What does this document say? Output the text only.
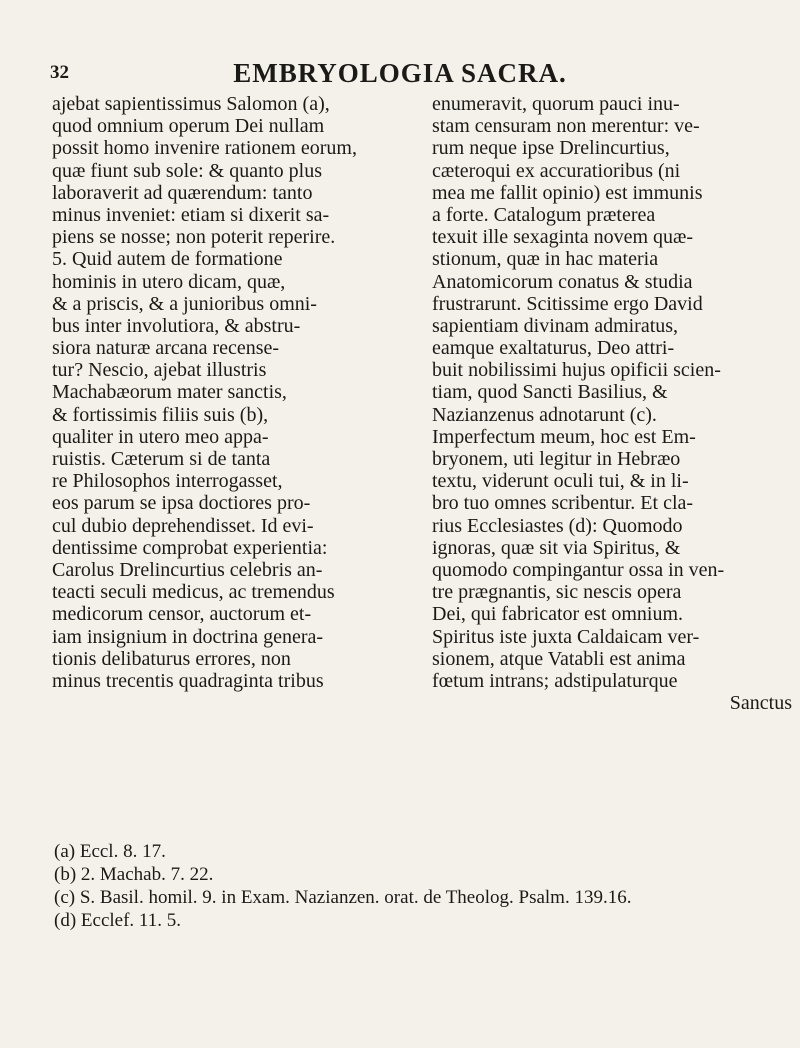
32	EMBRYOLOGIA SACRA.
ajebat sapientissimus Salomon (a),
quod omnium operum Dei nullam
possit homo invenire rationem eorum,
quæ fiunt sub sole: & quanto plus
laboraverit ad quærendum: tanto
minus inveniet: etiam si dixerit sa-
piens se nosse; non poterit reperire.
5. Quid autem de formatione
hominis in utero dicam, quæ,
& a priscis, & a junioribus omni-
bus inter involutiora, & abstru-
siora naturæ arcana recense-
tur? Nescio, ajebat illustris
Machabæorum mater sanctis,
& fortissimis filiis suis (b),
qualiter in utero meo appa-
ruistis. Cæterum si de tanta
re Philosophos interrogasset,
eos parum se ipsa doctiores pro-
cul dubio deprehendisset. Id evi-
dentissime comprobat experientia:
Carolus Drelincurtius celebris an-
teacti seculi medicus, ac tremendus
medicorum censor, auctorum et-
iam insignium in doctrina genera-
tionis delibaturus errores, non
minus trecentis quadraginta tribus
enumeravit, quorum pauci inu-
stam censuram non merentur: ve-
rum neque ipse Drelincurtius,
cæteroqui ex accuratioribus (ni
mea me fallit opinio) est immunis
a forte. Catalogum præterea
texuit ille sexaginta novem quæ-
stionum, quæ in hac materia
Anatomicorum conatus & studia
frustrarunt. Scitissime ergo David
sapientiam divinam admiratus,
eamque exaltaturus, Deo attri-
buit nobilissimi hujus opificii scien-
tiam, quod Sancti Basilius, &
Nazianzenus adnotarunt (c).
Imperfectum meum, hoc est Em-
bryonem, uti legitur in Hebræo
textu, viderunt oculi tui, & in li-
bro tuo omnes scribentur. Et cla-
rius Ecclesiastes (d): Quomodo
ignoras, quæ sit via Spiritus, &
quomodo compingantur ossa in ven-
tre prægnantis, sic nescis opera
Dei, qui fabricator est omnium.
Spiritus iste juxta Caldaicam ver-
sionem, atque Vatabli est anima
fœtum intrans; adstipulaturque
Sanctus
(a) Eccl. 8. 17.
(b) 2. Machab. 7. 22.
(c) S. Basil. homil. 9. in Exam. Nazianzen. orat. de Theolog. Psalm. 139.16.
(d) Ecclef. 11. 5.
